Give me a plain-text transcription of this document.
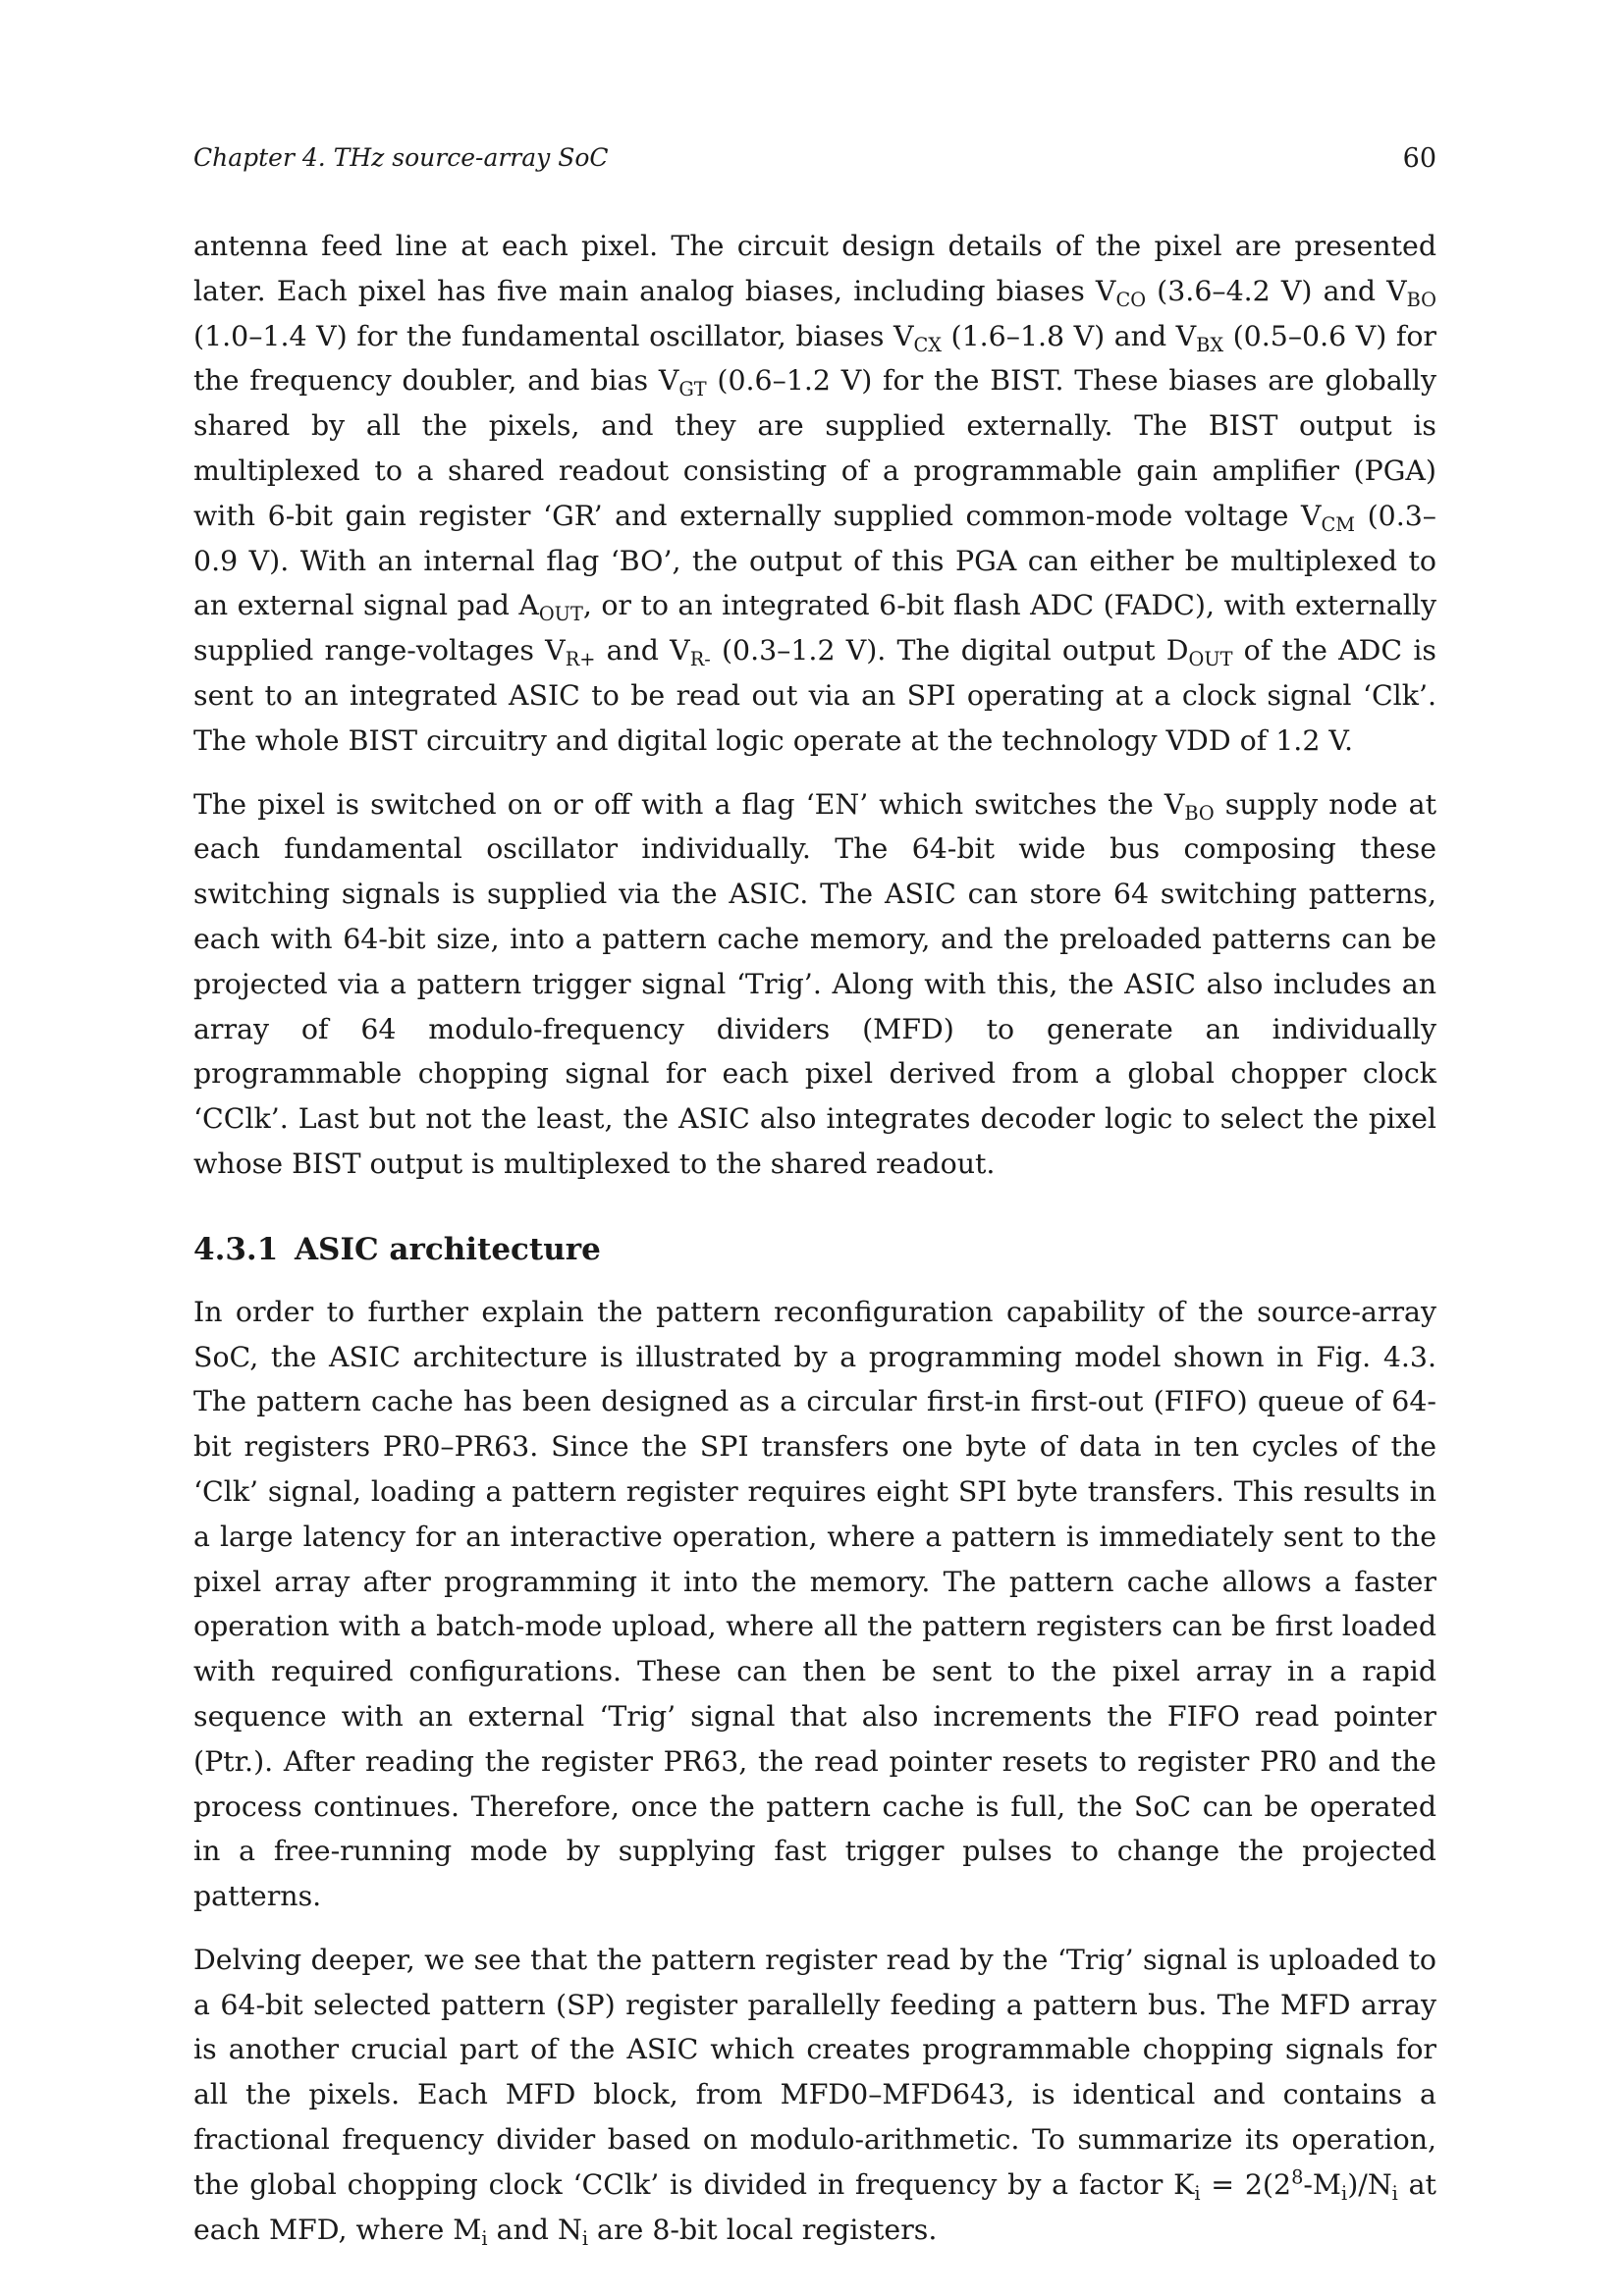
Chapter 4. THz source-array SoC	60

antenna feed line at each pixel. The circuit design details of the pixel are presented later. Each pixel has five main analog biases, including biases $V_{CO}$ (3.6–4.2 V) and $V_{BO}$ (1.0–1.4 V) for the fundamental oscillator, biases $V_{CX}$ (1.6–1.8 V) and $V_{BX}$ (0.5–0.6 V) for the frequency doubler, and bias $V_{GT}$ (0.6–1.2 V) for the BIST. These biases are globally shared by all the pixels, and they are supplied externally. The BIST output is multiplexed to a shared readout consisting of a programmable gain amplifier (PGA) with 6-bit gain register ‘GR’ and externally supplied common-mode voltage $V_{CM}$ (0.3–0.9 V). With an internal flag ‘BO’, the output of this PGA can either be multiplexed to an external signal pad $A_{OUT}$, or to an integrated 6-bit flash ADC (FADC), with externally supplied range-voltages $V_{R+}$ and $V_{R-}$ (0.3–1.2 V). The digital output $D_{OUT}$ of the ADC is sent to an integrated ASIC to be read out via an SPI operating at a clock signal ‘Clk’. The whole BIST circuitry and digital logic operate at the technology VDD of 1.2 V.

The pixel is switched on or off with a flag ‘EN’ which switches the $V_{BO}$ supply node at each fundamental oscillator individually. The 64-bit wide bus composing these switching signals is supplied via the ASIC. The ASIC can store 64 switching patterns, each with 64-bit size, into a pattern cache memory, and the preloaded patterns can be projected via a pattern trigger signal ‘Trig’. Along with this, the ASIC also includes an array of 64 modulo-frequency dividers (MFD) to generate an individually programmable chopping signal for each pixel derived from a global chopper clock ‘CClk’. Last but not the least, the ASIC also integrates decoder logic to select the pixel whose BIST output is multiplexed to the shared readout.

4.3.1 ASIC architecture

In order to further explain the pattern reconfiguration capability of the source-array SoC, the ASIC architecture is illustrated by a programming model shown in Fig. 4.3. The pattern cache has been designed as a circular first-in first-out (FIFO) queue of 64-bit registers PR0–PR63. Since the SPI transfers one byte of data in ten cycles of the ‘Clk’ signal, loading a pattern register requires eight SPI byte transfers. This results in a large latency for an interactive operation, where a pattern is immediately sent to the pixel array after programming it into the memory. The pattern cache allows a faster operation with a batch-mode upload, where all the pattern registers can be first loaded with required configurations. These can then be sent to the pixel array in a rapid sequence with an external ‘Trig’ signal that also increments the FIFO read pointer (Ptr.). After reading the register PR63, the read pointer resets to register PR0 and the process continues. Therefore, once the pattern cache is full, the SoC can be operated in a free-running mode by supplying fast trigger pulses to change the projected patterns.

Delving deeper, we see that the pattern register read by the ‘Trig’ signal is uploaded to a 64-bit selected pattern (SP) register parallelly feeding a pattern bus. The MFD array is another crucial part of the ASIC which creates programmable chopping signals for all the pixels. Each MFD block, from MFD0–MFD643, is identical and contains a fractional frequency divider based on modulo-arithmetic. To summarize its operation, the global chopping clock ‘CClk’ is divided in frequency by a factor $K_i = 2(2^8-M_i)/N_i$ at each MFD, where $M_i$ and $N_i$ are 8-bit local registers.
